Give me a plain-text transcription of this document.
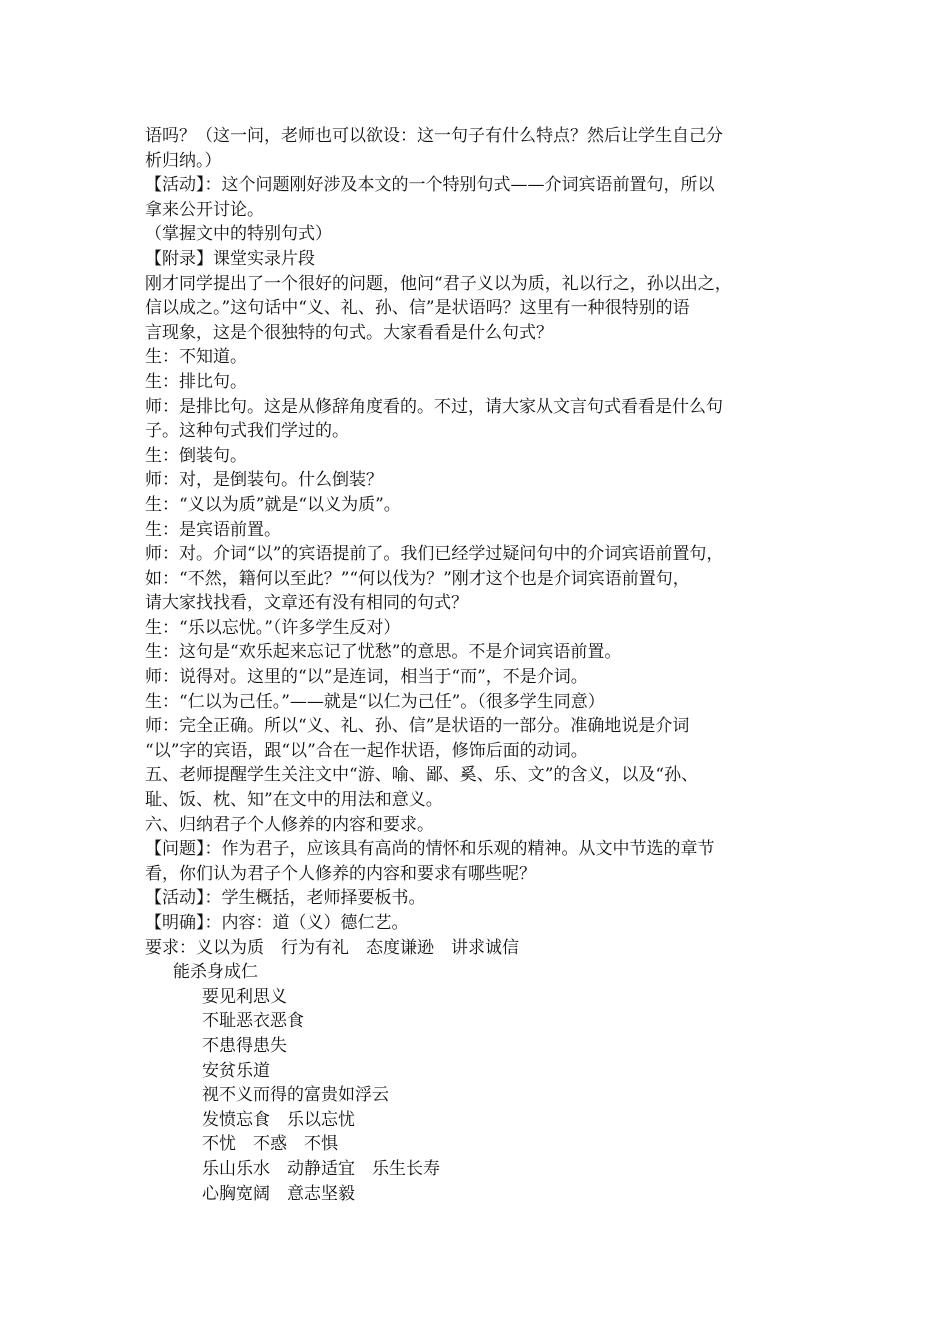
语吗？（这一问，老师也可以欲设：这一句子有什么特点？然后让学生自己分
析归纳。）
【活动】：这个问题刚好涉及本文的一个特别句式——介词宾语前置句，所以
拿来公开讨论。
（掌握文中的特别句式）
【附录】课堂实录片段
刚才同学提出了一个很好的问题，他问“君子义以为质，礼以行之，孙以出之，
信以成之。”这句话中“义、礼、孙、信”是状语吗？这里有一种很特别的语
言现象，这是个很独特的句式。大家看看是什么句式？
生：不知道。
生：排比句。
师：是排比句。这是从修辞角度看的。不过，请大家从文言句式看看是什么句
子。这种句式我们学过的。
生：倒装句。
师：对，是倒装句。什么倒装？
生：“义以为质”就是“以义为质”。
生：是宾语前置。
师：对。介词“以”的宾语提前了。我们已经学过疑问句中的介词宾语前置句，
如：“不然，籍何以至此？”“何以伐为？”刚才这个也是介词宾语前置句，
请大家找找看，文章还有没有相同的句式？
生：“乐以忘忧。”（许多学生反对）
生：这句是“欢乐起来忘记了忧愁”的意思。不是介词宾语前置。
师：说得对。这里的“以”是连词，相当于“而”，不是介词。
生：“仁以为己任。”——就是“以仁为己任”。（很多学生同意）
师：完全正确。所以“义、礼、孙、信”是状语的一部分。准确地说是介词
“以”字的宾语，跟“以”合在一起作状语，修饰后面的动词。
五、老师提醒学生关注文中“游、喻、鄙、奚、乐、文”的含义，以及“孙、
耻、饭、枕、知”在文中的用法和意义。
六、归纳君子个人修养的内容和要求。
【问题】：作为君子，应该具有高尚的情怀和乐观的精神。从文中节选的章节
看，你们认为君子个人修养的内容和要求有哪些呢？
【活动】：学生概括，老师择要板书。
【明确】：内容：道（义）德仁艺。
要求：义以为质　行为有礼　态度谦逊　讲求诚信
能杀身成仁
要见利思义
不耻恶衣恶食
不患得患失
安贫乐道
视不义而得的富贵如浮云
发愤忘食　乐以忘忧
不忧　不惑　不惧
乐山乐水　动静适宜　乐生长寿
心胸宽阔　意志坚毅
